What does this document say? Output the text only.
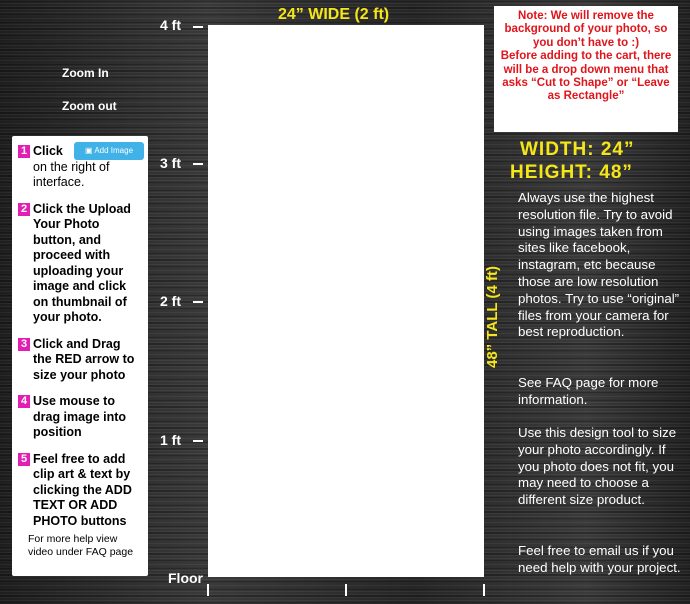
24” WIDE (2 ft)
4 ft
3 ft
2 ft
1 ft
Floor
Zoom In
Zoom out
1 Click
on the right of interface.
▣ Add Image
2 Click the Upload Your Photo button, and proceed with uploading your image and click on thumbnail of your photo.
3 Click and Drag the RED arrow to size your photo
4 Use mouse to drag image into position
5 Feel free to add clip art & text by clicking the ADD TEXT OR ADD PHOTO buttons
For more help view video under FAQ page
48” TALL (4 ft)
Note: We will remove the background of your photo, so you don’t have to :)
Before adding to the cart, there will be a drop down menu that asks “Cut to Shape” or “Leave as Rectangle”
WIDTH: 24”
HEIGHT: 48”
Always use the highest resolution file. Try to avoid using images taken from sites like facebook, instagram, etc because those are low resolution photos. Try to use “original” files from your camera for best reproduction.
See FAQ page for more information.
Use this design tool to size your photo accordingly. If you photo does not fit, you may need to choose a different size product.
Feel free to email us if you need help with your project.
